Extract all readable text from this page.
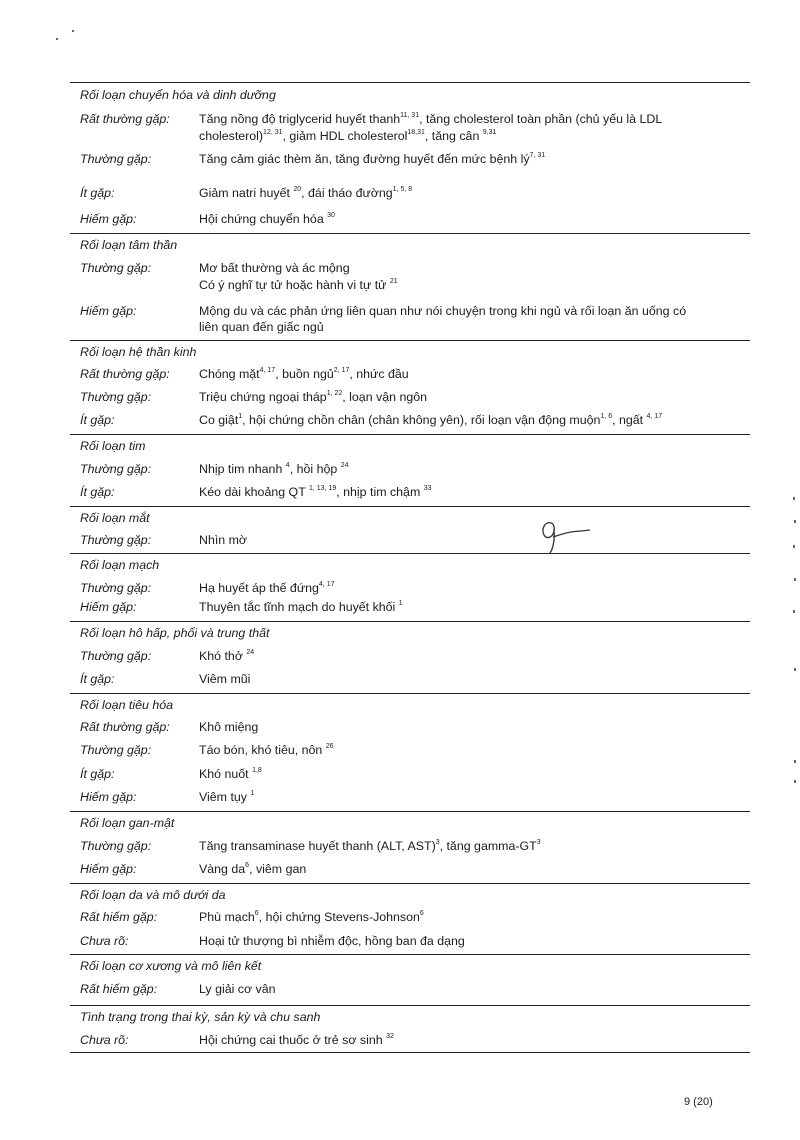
Rối loạn chuyển hóa và dinh dưỡng
Rất thường gặp: Tăng nồng độ triglycerid huyết thanh$^{11, 31}$, tăng cholesterol toàn phần (chủ yếu là LDL
cholesterol)$^{12, 31}$, giảm HDL cholesterol$^{18,31}$, tăng cân $^{9,31}$
Thường gặp:	Tăng cảm giác thèm ăn, tăng đường huyết đến mức bệnh lý$^{7, 31}$
Ít gặp:	Giảm natri huyết $^{20}$, đái tháo đường$^{1, 5, 8}$
Hiếm gặp:	Hội chứng chuyển hóa $^{30}$
Rối loạn tâm thần
Thường gặp:	Mơ bất thường và ác mộng
Có ý nghĩ tự tử hoặc hành vi tự tử $^{21}$
Hiếm gặp:	Mộng du và các phản ứng liên quan như nói chuyện trong khi ngủ và rối loạn ăn uống có
liên quan đến giấc ngủ
Rối loạn hệ thần kinh
Rất thường gặp: Chóng mặt$^{4, 17}$, buồn ngủ$^{2, 17}$, nhức đầu
Thường gặp:	Triệu chứng ngoại tháp$^{1, 22}$, loạn vận ngôn
Ít gặp:	Co giật$^1$, hội chứng chồn chân (chân không yên), rối loạn vận động muộn$^{1, 6}$, ngất $^{4, 17}$
Rối loạn tim
Thường gặp:	Nhịp tim nhanh $^4$, hồi hộp $^{24}$
Ít gặp:	Kéo dài khoảng QT $^{1, 13, 19}$, nhịp tim chậm $^{33}$
Rối loạn mắt
Thường gặp:	Nhìn mờ
Rối loạn mạch
Thường gặp:	Hạ huyết áp thế đứng$^{4, 17}$
Hiếm gặp:	Thuyên tắc tĩnh mạch do huyết khối $^1$
Rối loạn hô hấp, phổi và trung thất
Thường gặp:	Khó thở $^{24}$
Ít gặp:	Viêm mũi
Rối loạn tiêu hóa
Rất thường gặp: Khô miệng
Thường gặp:	Táo bón, khó tiêu, nôn $^{26}$
Ít gặp:	Khó nuốt $^{1,8}$
Hiếm gặp:	Viêm tụy $^1$
Rối loạn gan-mật
Thường gặp:	Tăng transaminase huyết thanh (ALT, AST)$^3$, tăng gamma-$GT^3$
Hiếm gặp:	Vàng $da^6$, viêm gan
Rối loạn da và mô dưới da
Rất hiếm gặp:	Phù mạch$^6$, hội chứng Stevens-Johnson$^6$
Chưa rõ:	Hoại tử thượng bì nhiễm độc, hồng ban đa dạng
Rối loạn cơ xương và mô liên kết
Rất hiếm gặp:	Ly giải cơ vân
Tình trạng trong thai kỳ, sản kỳ và chu sanh
Chưa rõ:	Hội chứng cai thuốc ở trẻ sơ sinh $^{32}$
9 (20)
